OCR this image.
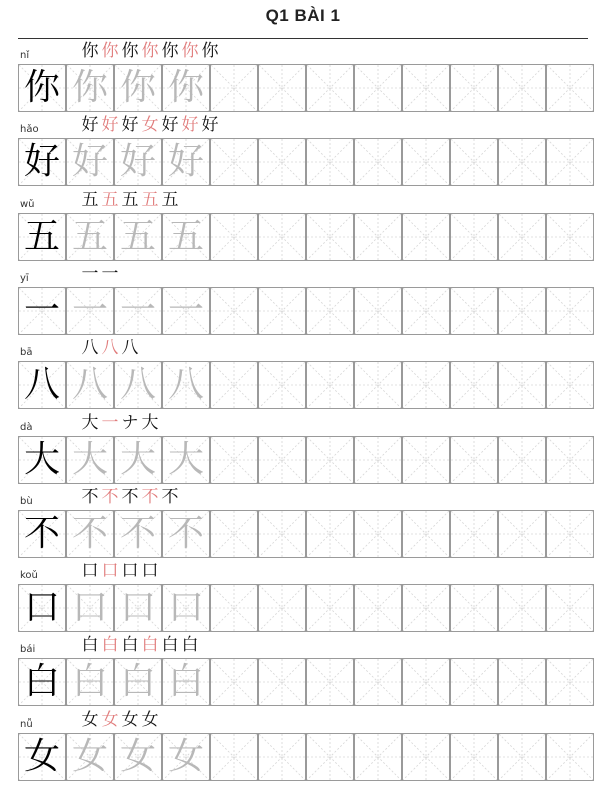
Q1 BÀI 1
nǐ	你 你 你 你 你 你 你
你 你 你 你
hǎo	好 好 好 女 好 好 好
好 好 好 好
wǔ	五 五 五 五 五
五 五 五 五
yī	一 一
一 一 一 一
bā	八 八 八
八 八 八 八
dà	大 一 ナ 大
大 大 大 大
bù	不 不 不 不 不
不 不 不 不
koǔ	口 口 口 口
口 口 口 口
bái	白 白 白 白 白 白
白 白 白 白
nǚ	女 女 女 女
女 女 女 女
